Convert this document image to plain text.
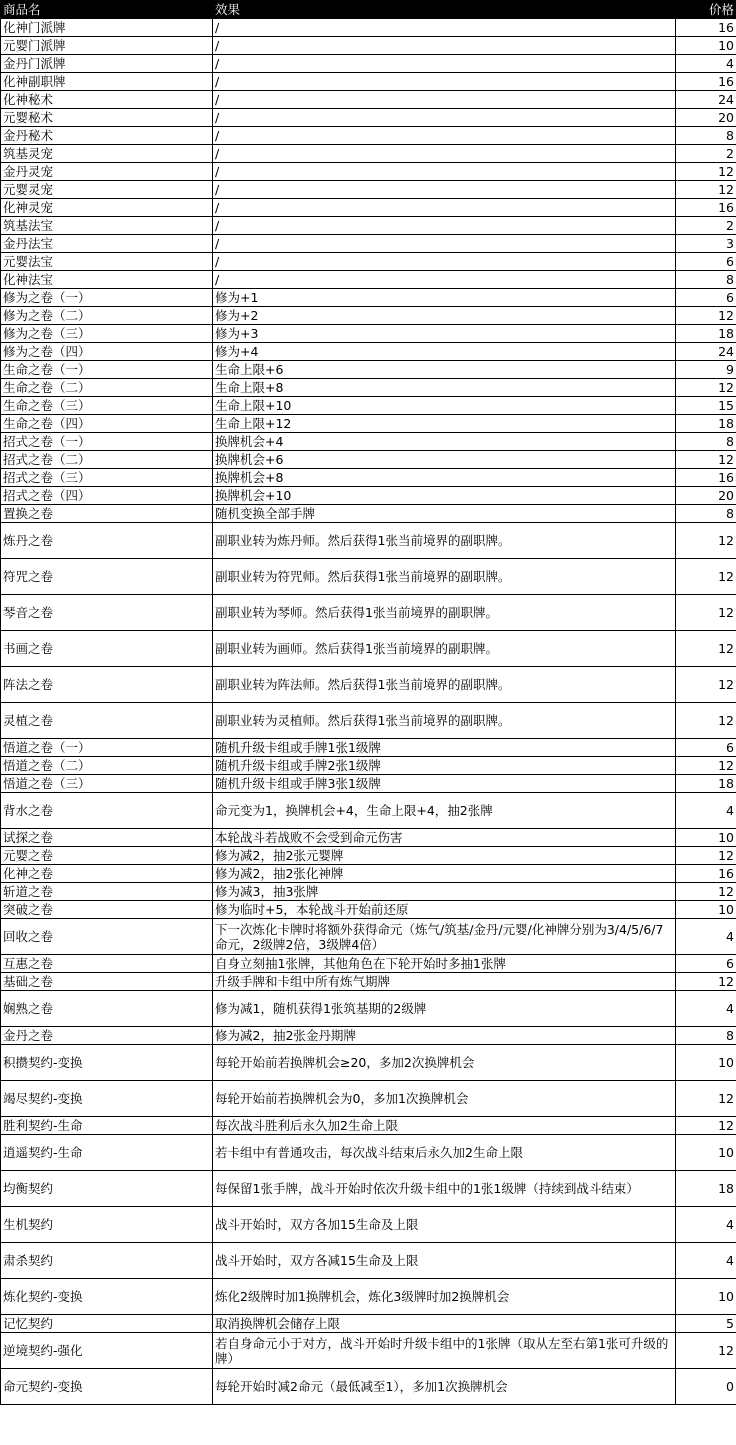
商品名	效果	价格
化神门派牌	/	16
元婴门派牌	/	10
金丹门派牌	/	4
化神副职牌	/	16
化神秘术	/	24
元婴秘术	/	20
金丹秘术	/	8
筑基灵宠	/	2
金丹灵宠	/	12
元婴灵宠	/	12
化神灵宠	/	16
筑基法宝	/	2
金丹法宝	/	3
元婴法宝	/	6
化神法宝	/	8
修为之卷（一）	修为+1	6
修为之卷（二）	修为+2	12
修为之卷（三）	修为+3	18
修为之卷（四）	修为+4	24
生命之卷（一）	生命上限+6	9
生命之卷（二）	生命上限+8	12
生命之卷（三）	生命上限+10	15
生命之卷（四）	生命上限+12	18
招式之卷（一）	换牌机会+4	8
招式之卷（二）	换牌机会+6	12
招式之卷（三）	换牌机会+8	16
招式之卷（四）	换牌机会+10	20
置换之卷	随机变换全部手牌	8
炼丹之卷	副职业转为炼丹师。然后获得1张当前境界的副职牌。	12
符咒之卷	副职业转为符咒师。然后获得1张当前境界的副职牌。	12
琴音之卷	副职业转为琴师。然后获得1张当前境界的副职牌。	12
书画之卷	副职业转为画师。然后获得1张当前境界的副职牌。	12
阵法之卷	副职业转为阵法师。然后获得1张当前境界的副职牌。	12
灵植之卷	副职业转为灵植师。然后获得1张当前境界的副职牌。	12
悟道之卷（一）	随机升级卡组或手牌1张1级牌	6
悟道之卷（二）	随机升级卡组或手牌2张1级牌	12
悟道之卷（三）	随机升级卡组或手牌3张1级牌	18
背水之卷	命元变为1，换牌机会+4，生命上限+4，抽2张牌	4
试探之卷	本轮战斗若战败不会受到命元伤害	10
元婴之卷	修为减2，抽2张元婴牌	12
化神之卷	修为减2，抽2张化神牌	16
斩道之卷	修为减3，抽3张牌	12
突破之卷	修为临时+5，本轮战斗开始前还原	10
回收之卷	下一次炼化卡牌时将额外获得命元（炼气/筑基/金丹/元婴/化神牌分别为3/4/5/6/7命元，2级牌2倍，3级牌4倍）	4
互惠之卷	自身立刻抽1张牌，其他角色在下轮开始时多抽1张牌	6
基础之卷	升级手牌和卡组中所有炼气期牌	12
娴熟之卷	修为减1，随机获得1张筑基期的2级牌	4
金丹之卷	修为减2，抽2张金丹期牌	8
积攒契约-变换	每轮开始前若换牌机会≥20，多加2次换牌机会	10
竭尽契约-变换	每轮开始前若换牌机会为0，多加1次换牌机会	12
胜利契约-生命	每次战斗胜利后永久加2生命上限	12
逍遥契约-生命	若卡组中有普通攻击，每次战斗结束后永久加2生命上限	10
均衡契约	每保留1张手牌，战斗开始时依次升级卡组中的1张1级牌（持续到战斗结束）	18
生机契约	战斗开始时，双方各加15生命及上限	4
肃杀契约	战斗开始时，双方各减15生命及上限	4
炼化契约-变换	炼化2级牌时加1换牌机会，炼化3级牌时加2换牌机会	10
记忆契约	取消换牌机会储存上限	5
逆境契约-强化	若自身命元小于对方，战斗开始时升级卡组中的1张牌（取从左至右第1张可升级的牌）	12
命元契约-变换	每轮开始时减2命元（最低减至1），多加1次换牌机会	0
